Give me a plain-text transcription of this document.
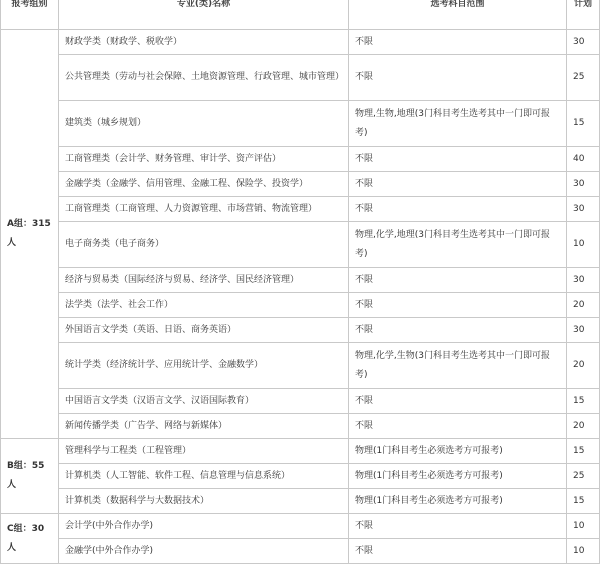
报考组别	专业(类)名称	选考科目范围	计划
A组：315人	财政学类（财政学、税收学）	不限	30
	公共管理类（劳动与社会保障、土地资源管理、行政管理、城市管理）	不限	25
	建筑类（城乡规划）	物理,生物,地理(3门科目考生选考其中一门即可报考)	15
	工商管理类（会计学、财务管理、审计学、资产评估）	不限	40
	金融学类（金融学、信用管理、金融工程、保险学、投资学）	不限	30
	工商管理类（工商管理、人力资源管理、市场营销、物流管理）	不限	30
	电子商务类（电子商务）	物理,化学,地理(3门科目考生选考其中一门即可报考)	10
	经济与贸易类（国际经济与贸易、经济学、国民经济管理）	不限	30
	法学类（法学、社会工作）	不限	20
	外国语言文学类（英语、日语、商务英语）	不限	30
	统计学类（经济统计学、应用统计学、金融数学）	物理,化学,生物(3门科目考生选考其中一门即可报考)	20
	中国语言文学类（汉语言文学、汉语国际教育）	不限	15
	新闻传播学类（广告学、网络与新媒体）	不限	20
B组：55人	管理科学与工程类（工程管理）	物理(1门科目考生必须选考方可报考)	15
	计算机类（人工智能、软件工程、信息管理与信息系统）	物理(1门科目考生必须选考方可报考)	25
	计算机类（数据科学与大数据技术）	物理(1门科目考生必须选考方可报考)	15
C组：30人	会计学(中外合作办学)	不限	10
	金融学(中外合作办学)	不限	10
